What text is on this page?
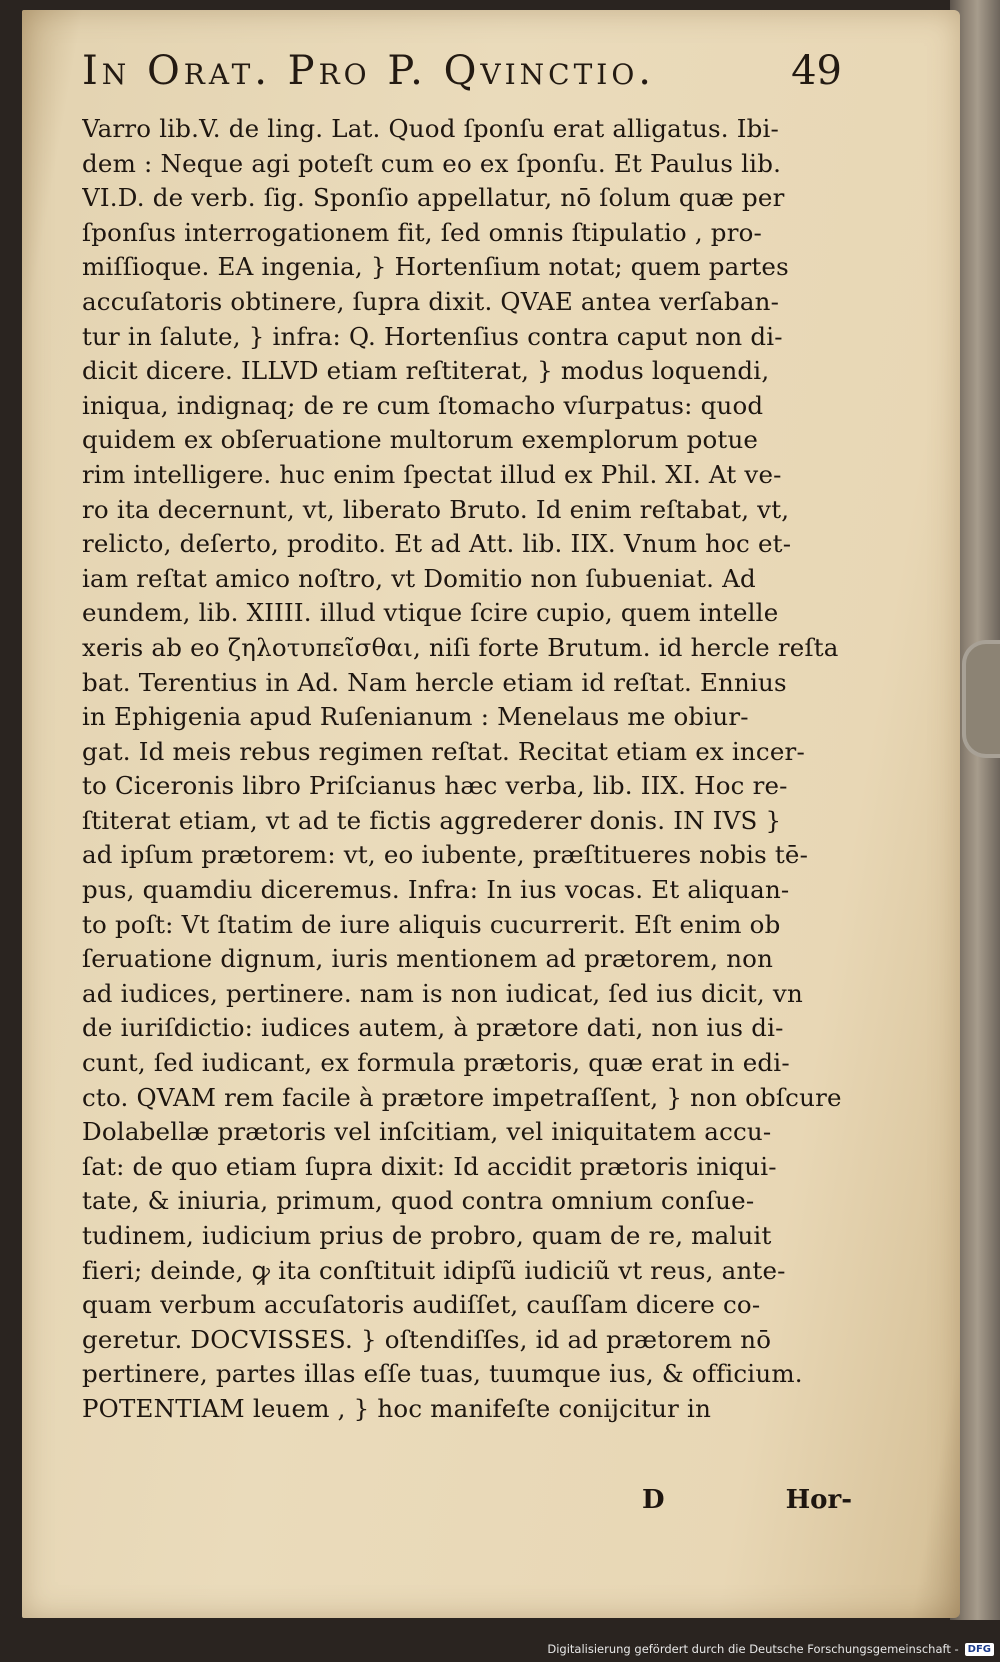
In Orat. Pro P. Qvinctio.	49
Varro lib.V. de ling. Lat. Quod ſponſu erat alligatus. Ibi-
dem : Neque agi poteſt cum eo ex ſponſu. Et Paulus lib.
VI.D. de verb. ſig. Sponſio appellatur, nō ſolum quæ per
ſponſus interrogationem fit, ſed omnis ſtipulatio , pro-
miſſioque. EA ingenia, } Hortenſium notat; quem partes
accuſatoris obtinere, ſupra dixit. QVAE antea verſaban-
tur in ſalute, } infra: Q. Hortenſius contra caput non di-
dicit dicere. ILLVD etiam reſtiterat, } modus loquendi,
iniqua, indignaq; de re cum ſtomacho vſurpatus: quod
quidem ex obſeruatione multorum exemplorum potue
rim intelligere. huc enim ſpectat illud ex Phil. XI. At ve-
ro ita decernunt, vt, liberato Bruto. Id enim reſtabat, vt,
relicto, deſerto, prodito. Et ad Att. lib. IIX. Vnum hoc et-
iam reſtat amico noſtro, vt Domitio non ſubueniat. Ad
eundem, lib. XIIII. illud vtique ſcire cupio, quem intelle
xeris ab eo ζηλοτυπεῖσθαι, niſi forte Brutum. id hercle reſta
bat. Terentius in Ad. Nam hercle etiam id reſtat. Ennius
in Ephigenia apud Ruſenianum : Menelaus me obiur-
gat. Id meis rebus regimen reſtat. Recitat etiam ex incer-
to Ciceronis libro Priſcianus hæc verba, lib. IIX. Hoc re-
ſtiterat etiam, vt ad te fictis aggrederer donis. IN IVS }
ad ipſum prætorem: vt, eo iubente, præſtitueres nobis tē-
pus, quamdiu diceremus. Infra: In ius vocas. Et aliquan-
to poſt: Vt ſtatim de iure aliquis cucurrerit. Eſt enim ob
ſeruatione dignum, iuris mentionem ad prætorem, non
ad iudices, pertinere. nam is non iudicat, ſed ius dicit, vn
de iuriſdictio: iudices autem, à prætore dati, non ius di-
cunt, ſed iudicant, ex formula prætoris, quæ erat in edi-
cto. QVAM rem facile à prætore impetraſſent, } non obſcure
Dolabellæ prætoris vel inſcitiam, vel iniquitatem accu-
ſat: de quo etiam ſupra dixit: Id accidit prætoris iniqui-
tate, & iniuria, primum, quod contra omnium conſue-
tudinem, iudicium prius de probro, quam de re, maluit
fieri; deinde, ꝙ ita conſtituit idipſũ iudiciũ vt reus, ante-
quam verbum accuſatoris audiſſet, cauſſam dicere co-
geretur. DOCVISSES. } oſtendiſſes, id ad prætorem nō
pertinere, partes illas eſſe tuas, tuumque ius, & officium.
POTENTIAM leuem , } hoc manifeſte conijcitur in
D	Hor-
Digitalisierung gefördert durch die Deutsche Forschungsgemeinschaft - DFG
